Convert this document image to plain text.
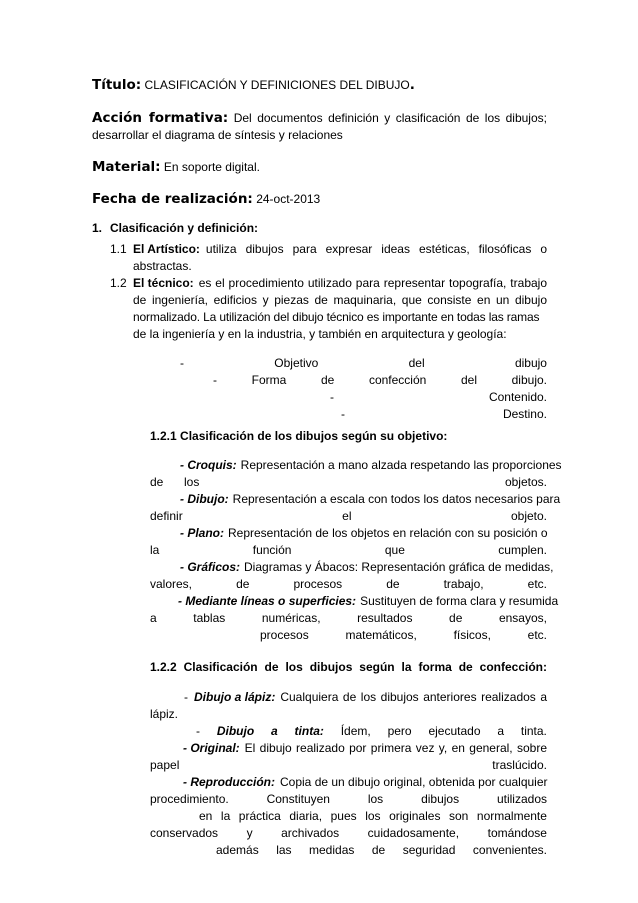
Título: CLASIFICACIÓN Y DEFINICIONES DEL DIBUJO.
Acción formativa: Del documentos definición y clasificación de los dibujos;
desarrollar el diagrama de síntesis y relaciones
Material: En soporte digital.
Fecha de realización: 24-oct-2013
1. Clasificación y definición:
1.1 El Artístico: utiliza dibujos para expresar ideas estéticas, filosóficas o
abstractas.
1.2 El técnico: es el procedimiento utilizado para representar topografía, trabajo
de ingeniería, edificios y piezas de maquinaria, que consiste en un dibujo
normalizado. La utilización del dibujo técnico es importante en todas las ramas
de la ingeniería y en la industria, y también en arquitectura y geología:
-	Objetivo	del	dibujo
-	Forma	de	confección	del	dibujo.
-	Contenido.
-	Destino.
1.2.1 Clasificación de los dibujos según su objetivo:
- Croquis: Representación a mano alzada respetando las proporciones
de los	objetos.
- Dibujo: Representación a escala con todos los datos necesarios para
definir	el	objeto.
- Plano: Representación de los objetos en relación con su posición o
la	función	que	cumplen.
- Gráficos: Diagramas y Ábacos: Representación gráfica de medidas,
valores,	de	procesos	de	trabajo,	etc.
- Mediante líneas o superficies: Sustituyen de forma clara y resumida
a	tablas	numéricas,	resultados	de	ensayos,
procesos	matemáticos,	físicos,	etc.
1.2.2 Clasificación de los dibujos según la forma de confección:
- Dibujo a lápiz: Cualquiera de los dibujos anteriores realizados a
lápiz.
- Dibujo a tinta: Ídem, pero ejecutado a tinta.
- Original: El dibujo realizado por primera vez y, en general, sobre
papel	traslúcido.
- Reproducción: Copia de un dibujo original, obtenida por cualquier
procedimiento.	Constituyen	los	dibujos	utilizados
en la práctica diaria, pues los originales son normalmente
conservados y archivados cuidadosamente, tomándose
además las medidas de seguridad convenientes.
